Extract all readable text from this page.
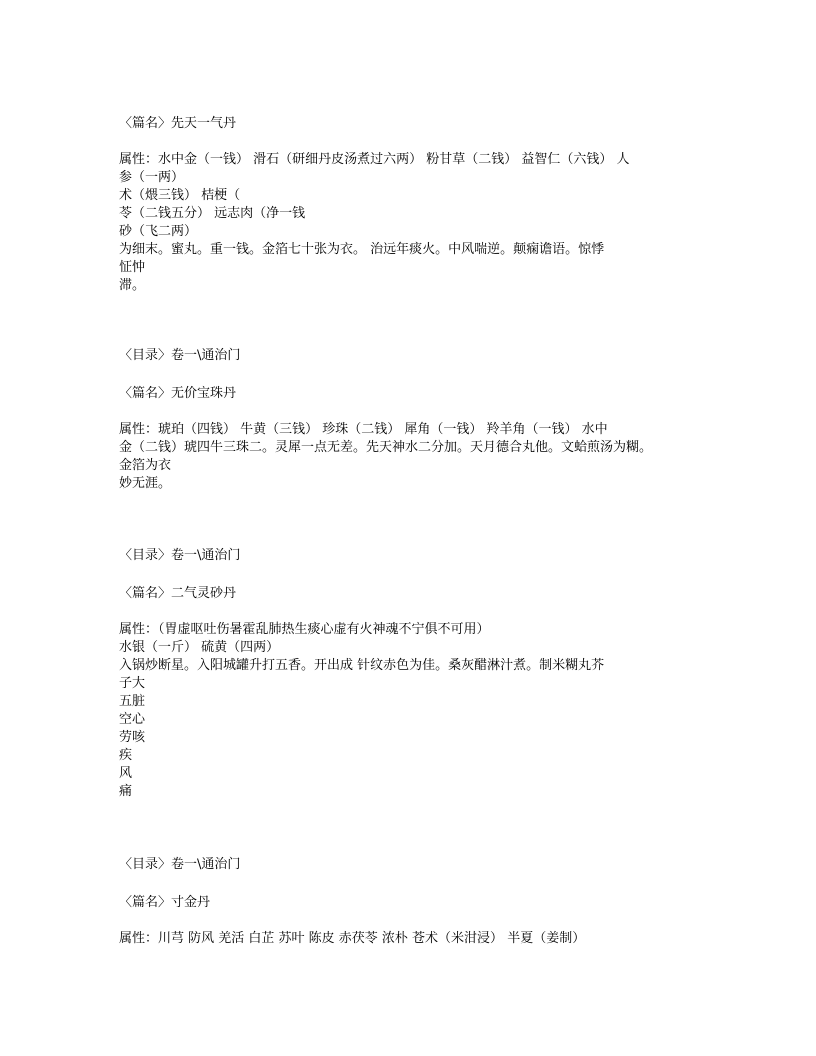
〈篇名〉先天一气丹
属性：水中金（一钱） 滑石（研细丹皮汤煮过六两） 粉甘草（二钱） 益智仁（六钱） 人
参（一两）
术（煨三钱） 桔梗（
苓（二钱五分） 远志肉（净一钱
砂（飞二两）
为细末。蜜丸。重一钱。金箔七十张为衣。 治远年痰火。中风喘逆。颠痫谵语。惊悸
怔忡
滞。
〈目录〉卷一\通治门
〈篇名〉无价宝珠丹
属性：琥珀（四钱） 牛黄（三钱） 珍珠（二钱） 犀角（一钱） 羚羊角（一钱） 水中
金（二钱）琥四牛三珠二。灵犀一点无差。先天神水二分加。天月德合丸他。文蛤煎汤为糊。
金箔为衣
妙无涯。
〈目录〉卷一\通治门
〈篇名〉二气灵砂丹
属性：（胃虚呕吐伤暑霍乱肺热生痰心虚有火神魂不宁俱不可用）
水银（一斤） 硫黄（四两）
入锅炒断星。入阳城罐升打五香。开出成 针纹赤色为佳。桑灰醋淋汁煮。制米糊丸芥
子大
五脏
空心
劳咳
疾
风
痛
〈目录〉卷一\通治门
〈篇名〉寸金丹
属性：川芎 防风 羌活 白芷 苏叶 陈皮 赤茯苓 浓朴 苍术（米泔浸） 半夏（姜制）
